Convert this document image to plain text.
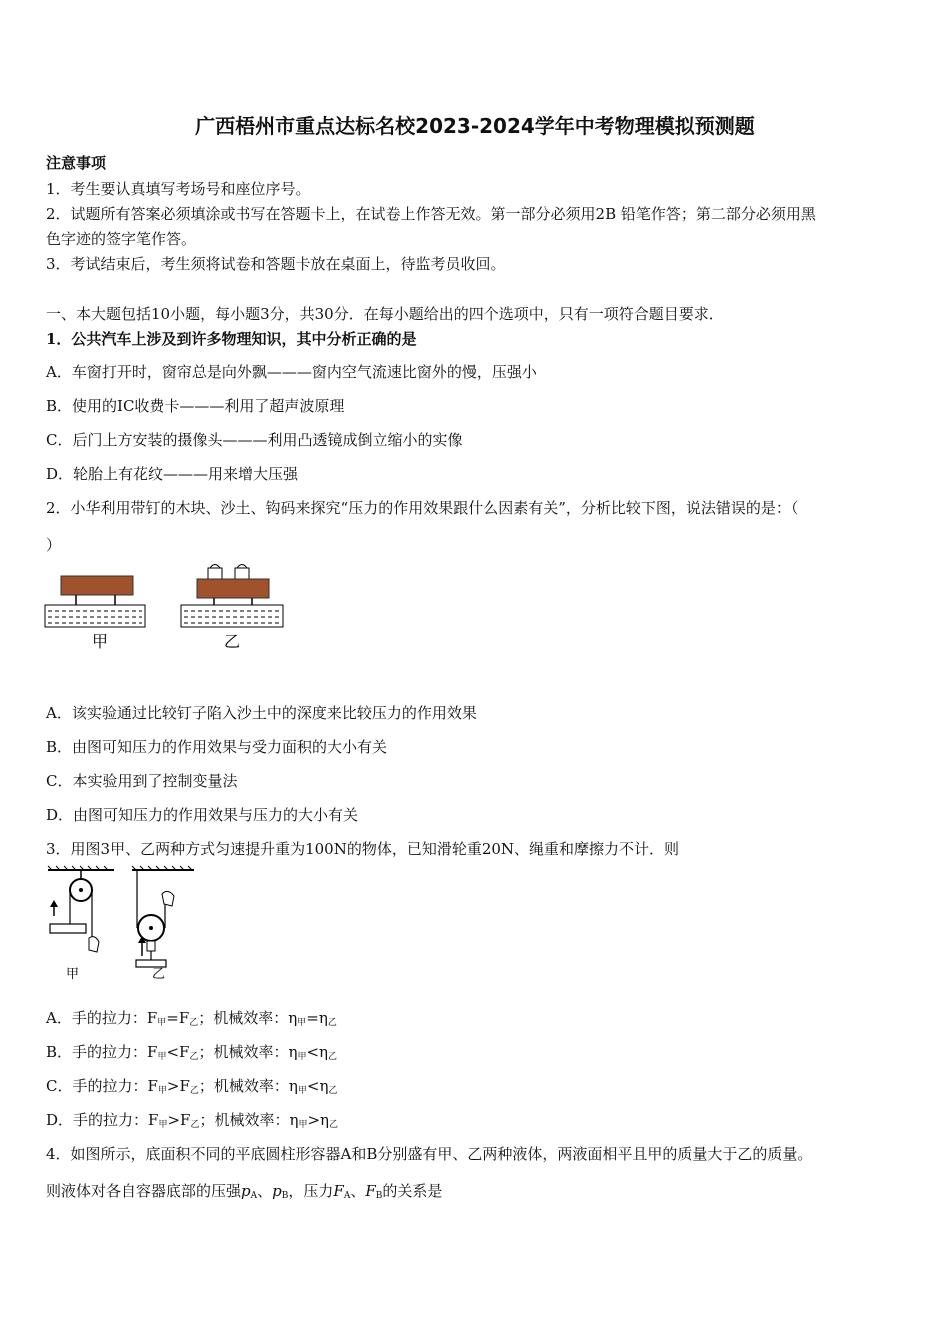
广西梧州市重点达标名校2023-2024学年中考物理模拟预测题
注意事项
1．考生要认真填写考场号和座位序号。
2．试题所有答案必须填涂或书写在答题卡上，在试卷上作答无效。第一部分必须用2B 铅笔作答；第二部分必须用黑
色字迹的签字笔作答。
3．考试结束后，考生须将试卷和答题卡放在桌面上，待监考员收回。
一、本大题包括10小题，每小题3分，共30分．在每小题给出的四个选项中，只有一项符合题目要求．
1．公共汽车上涉及到许多物理知识，其中分析正确的是
A．车窗打开时，窗帘总是向外飘———窗内空气流速比窗外的慢，压强小
B．使用的IC收费卡———利用了超声波原理
C．后门上方安装的摄像头———利用凸透镜成倒立缩小的实像
D．轮胎上有花纹———用来增大压强
2．小华利用带钉的木块、沙土、钩码来探究“压力的作用效果跟什么因素有关”，分析比较下图，说法错误的是：（
）
甲	乙
A．该实验通过比较钉子陷入沙土中的深度来比较压力的作用效果
B．由图可知压力的作用效果与受力面积的大小有关
C．本实验用到了控制变量法
D．由图可知压力的作用效果与压力的大小有关
3．用图3甲、乙两种方式匀速提升重为100N的物体，已知滑轮重20N、绳重和摩擦力不计．则
甲	乙
A．手的拉力：$F_甲=F_乙$；机械效率：$\eta_甲=\eta_乙$
B．手的拉力：$F_甲<F_乙$；机械效率：$\eta_甲<\eta_乙$
C．手的拉力：$F_甲>F_乙$；机械效率：$\eta_甲<\eta_乙$
D．手的拉力：$F_甲>F_乙$；机械效率：$\eta_甲>\eta_乙$
4．如图所示，底面积不同的平底圆柱形容器A和B分别盛有甲、乙两种液体，两液面相平且甲的质量大于乙的质量。
则液体对各自容器底部的压强$p_A$、$p_B$，压力$F_A$、$F_B$的关系是
